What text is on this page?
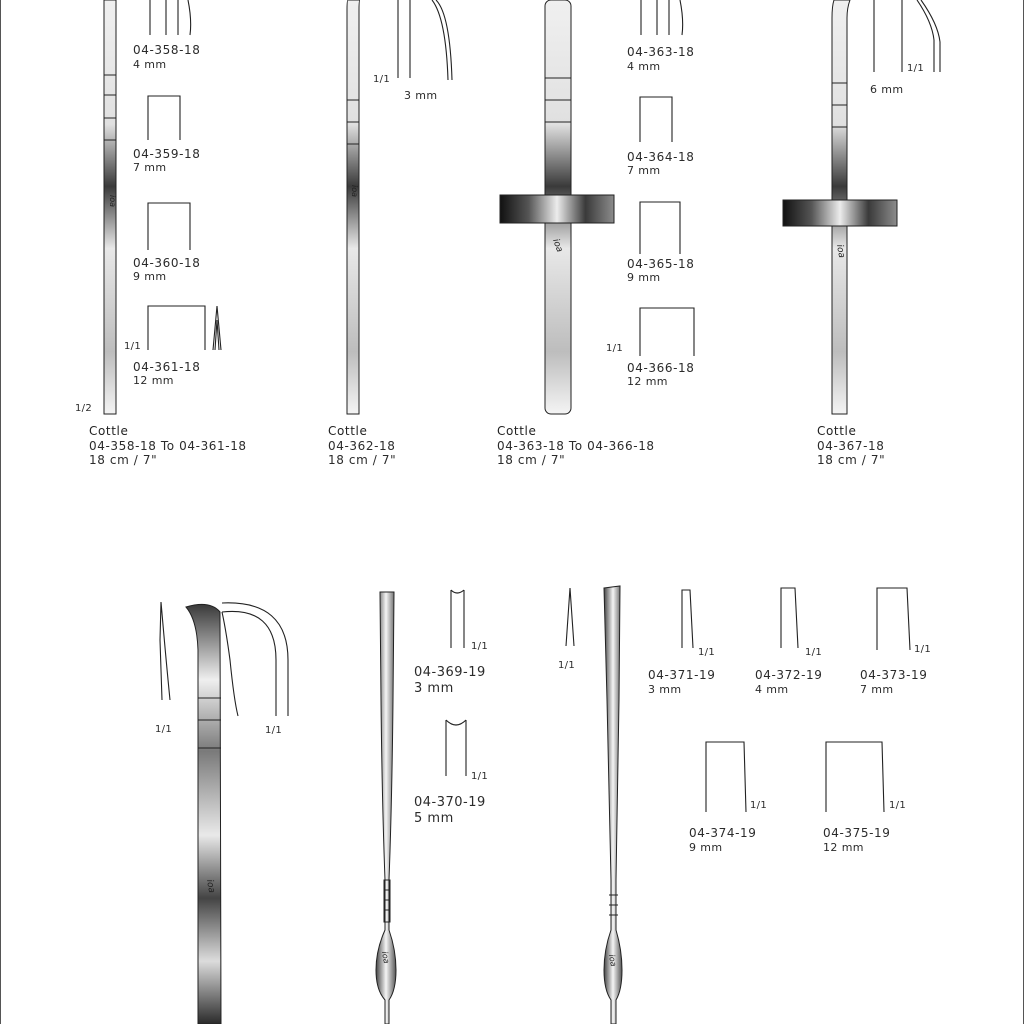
ioa
ioa
ioa	ioa
ioa
ioa	ioa
04-358-18
4 mm
04-359-18
7 mm
04-360-18
9 mm
1/1
04-361-18
12 mm
1/2
Cottle
04-358-18 To 04-361-18
18 cm / 7"
1/1
3 mm
Cottle
04-362-18
18 cm / 7"
04-363-18
4 mm
04-364-18
7 mm
04-365-18
9 mm
1/1
04-366-18
12 mm
Cottle
04-363-18 To 04-366-18
18 cm / 7"
1/1
6 mm
Cottle
04-367-18
18 cm / 7"
1/1	1/1
1/1
04-369-19
3 mm
1/1
04-370-19
5 mm
1/1
1/1
04-371-19
3 mm
1/1
04-372-19
4 mm
1/1
04-373-19
7 mm
1/1
04-374-19
9 mm
1/1
04-375-19
12 mm
